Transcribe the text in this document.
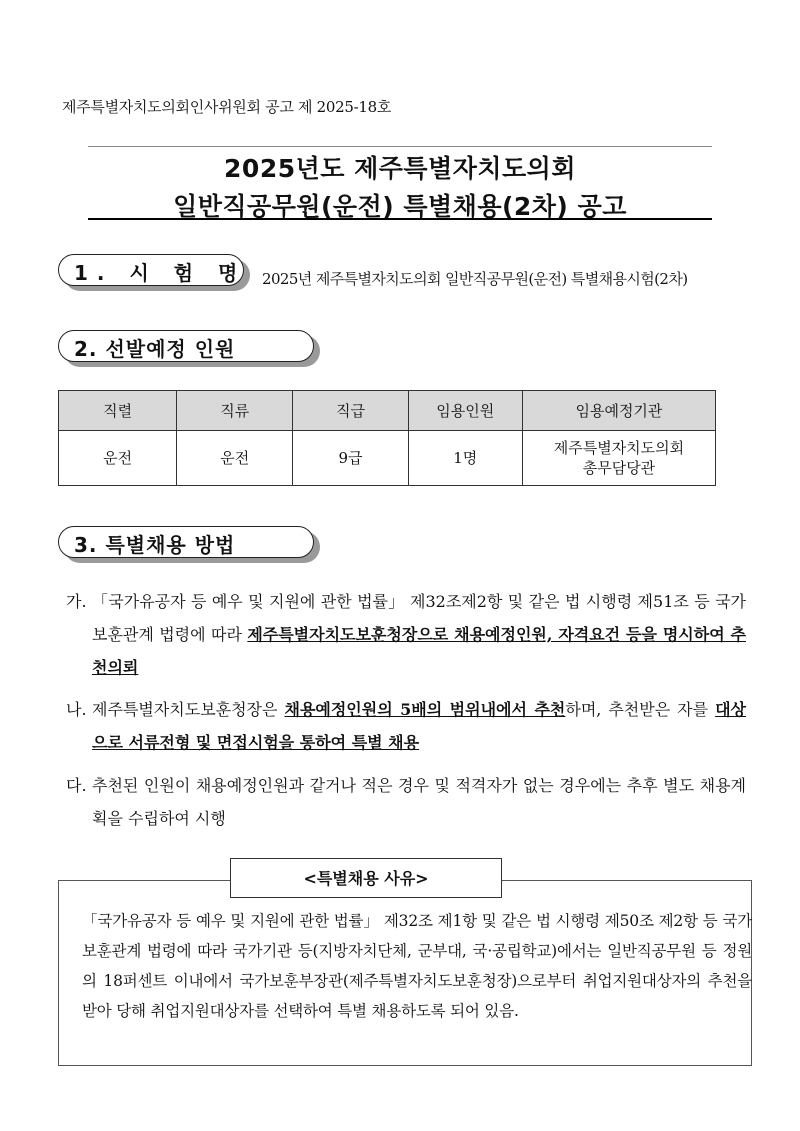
제주특별자치도의회인사위원회 공고 제 2025-18호
2025년도 제주특별자치도의회
일반직공무원(운전) 특별채용(2차) 공고
1. 시 험 명 2025년 제주특별자치도의회 일반직공무원(운전) 특별채용시험(2차)
2. 선발예정 인원
직렬	직류	직급	임용인원	임용예정기관
운전	운전	9급	1명	제주특별자치도의회
총무담당관
3. 특별채용 방법
가. 「국가유공자 등 예우 및 지원에 관한 법률」 제32조제2항 및 같은 법 시행령 제51조 등 국가보훈관계 법령에 따라 제주특별자치도보훈청장으로 채용예정인원, 자격요건 등을 명시하여 추천의뢰
나. 제주특별자치도보훈청장은 채용예정인원의 5배의 범위내에서 추천하며, 추천받은 자를 대상으로 서류전형 및 면접시험을 통하여 특별 채용
다. 추천된 인원이 채용예정인원과 같거나 적은 경우 및 적격자가 없는 경우에는 추후 별도 채용계획을 수립하여 시행
<특별채용 사유>
「국가유공자 등 예우 및 지원에 관한 법률」 제32조 제1항 및 같은 법 시행령 제50조 제2항 등 국가보훈관계 법령에 따라 국가기관 등(지방자치단체, 군부대, 국·공립학교)에서는 일반직공무원 등 정원의 18퍼센트 이내에서 국가보훈부장관(제주특별자치도보훈청장)으로부터 취업지원대상자의 추천을 받아 당해 취업지원대상자를 선택하여 특별 채용하도록 되어 있음.
